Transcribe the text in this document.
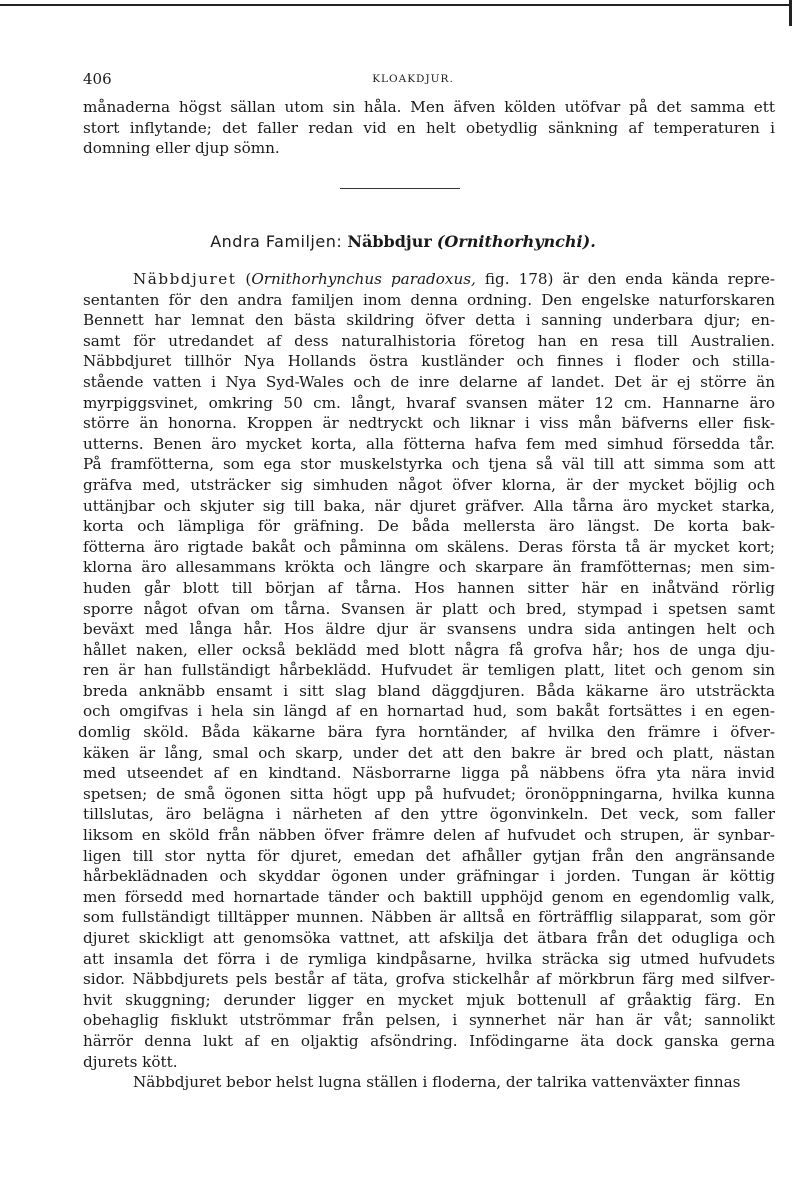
406	KLOAKDJUR.
månaderna högst sällan utom sin håla. Men äfven kölden utöfvar på det samma ett
stort inflytande; det faller redan vid en helt obetydlig sänkning af temperaturen i
domning eller djup sömn.
Andra Familjen: Näbbdjur (Ornithorhynchi).
Näbbdjuret (Ornithorhynchus paradoxus, fig. 178) är den enda kända repre-
sentanten för den andra familjen inom denna ordning. Den engelske naturforskaren
Bennett har lemnat den bästa skildring öfver detta i sanning underbara djur; en-
samt för utredandet af dess naturalhistoria företog han en resa till Australien.
Näbbdjuret tillhör Nya Hollands östra kustländer och finnes i floder och stilla-
stående vatten i Nya Syd-Wales och de inre delarne af landet. Det är ej större än
myrpiggsvinet, omkring 50 cm. långt, hvaraf svansen mäter 12 cm. Hannarne äro
större än honorna. Kroppen är nedtryckt och liknar i viss mån bäfverns eller fisk-
utterns. Benen äro mycket korta, alla fötterna hafva fem med simhud försedda tår.
På framfötterna, som ega stor muskelstyrka och tjena så väl till att simma som att
gräfva med, utsträcker sig simhuden något öfver klorna, är der mycket böjlig och
uttänjbar och skjuter sig till baka, när djuret gräfver. Alla tårna äro mycket starka,
korta och lämpliga för gräfning. De båda mellersta äro längst. De korta bak-
fötterna äro rigtade bakåt och påminna om skälens. Deras första tå är mycket kort;
klorna äro allesammans krökta och längre och skarpare än framfötternas; men sim-
huden går blott till början af tårna. Hos hannen sitter här en inåtvänd rörlig
sporre något ofvan om tårna. Svansen är platt och bred, stympad i spetsen samt
beväxt med långa hår. Hos äldre djur är svansens undra sida antingen helt och
hållet naken, eller också beklädd med blott några få grofva hår; hos de unga dju-
ren är han fullständigt hårbeklädd. Hufvudet är temligen platt, litet och genom sin
breda anknäbb ensamt i sitt slag bland däggdjuren. Båda käkarne äro utsträckta
och omgifvas i hela sin längd af en hornartad hud, som bakåt fortsättes i en egen-
domlig sköld. Båda käkarne bära fyra horntänder, af hvilka den främre i öfver-
käken är lång, smal och skarp, under det att den bakre är bred och platt, nästan
med utseendet af en kindtand. Näsborrarne ligga på näbbens öfra yta nära invid
spetsen; de små ögonen sitta högt upp på hufvudet; öronöppningarna, hvilka kunna
tillslutas, äro belägna i närheten af den yttre ögonvinkeln. Det veck, som faller
liksom en sköld från näbben öfver främre delen af hufvudet och strupen, är synbar-
ligen till stor nytta för djuret, emedan det afhåller gytjan från den angränsande
hårbeklädnaden och skyddar ögonen under gräfningar i jorden. Tungan är köttig
men försedd med hornartade tänder och baktill upphöjd genom en egendomlig valk,
som fullständigt tilltäpper munnen. Näbben är alltså en förträfflig silapparat, som gör
djuret skickligt att genomsöka vattnet, att afskilja det ätbara från det odugliga och
att insamla det förra i de rymliga kindpåsarne, hvilka sträcka sig utmed hufvudets
sidor. Näbbdjurets pels består af täta, grofva stickelhår af mörkbrun färg med silfver-
hvit skuggning; derunder ligger en mycket mjuk bottenull af gråaktig färg. En
obehaglig fisklukt utströmmar från pelsen, i synnerhet när han är våt; sannolikt
härrör denna lukt af en oljaktig afsöndring. Infödingarne äta dock ganska gerna
djurets kött.
Näbbdjuret bebor helst lugna ställen i floderna, der talrika vattenväxter finnas
